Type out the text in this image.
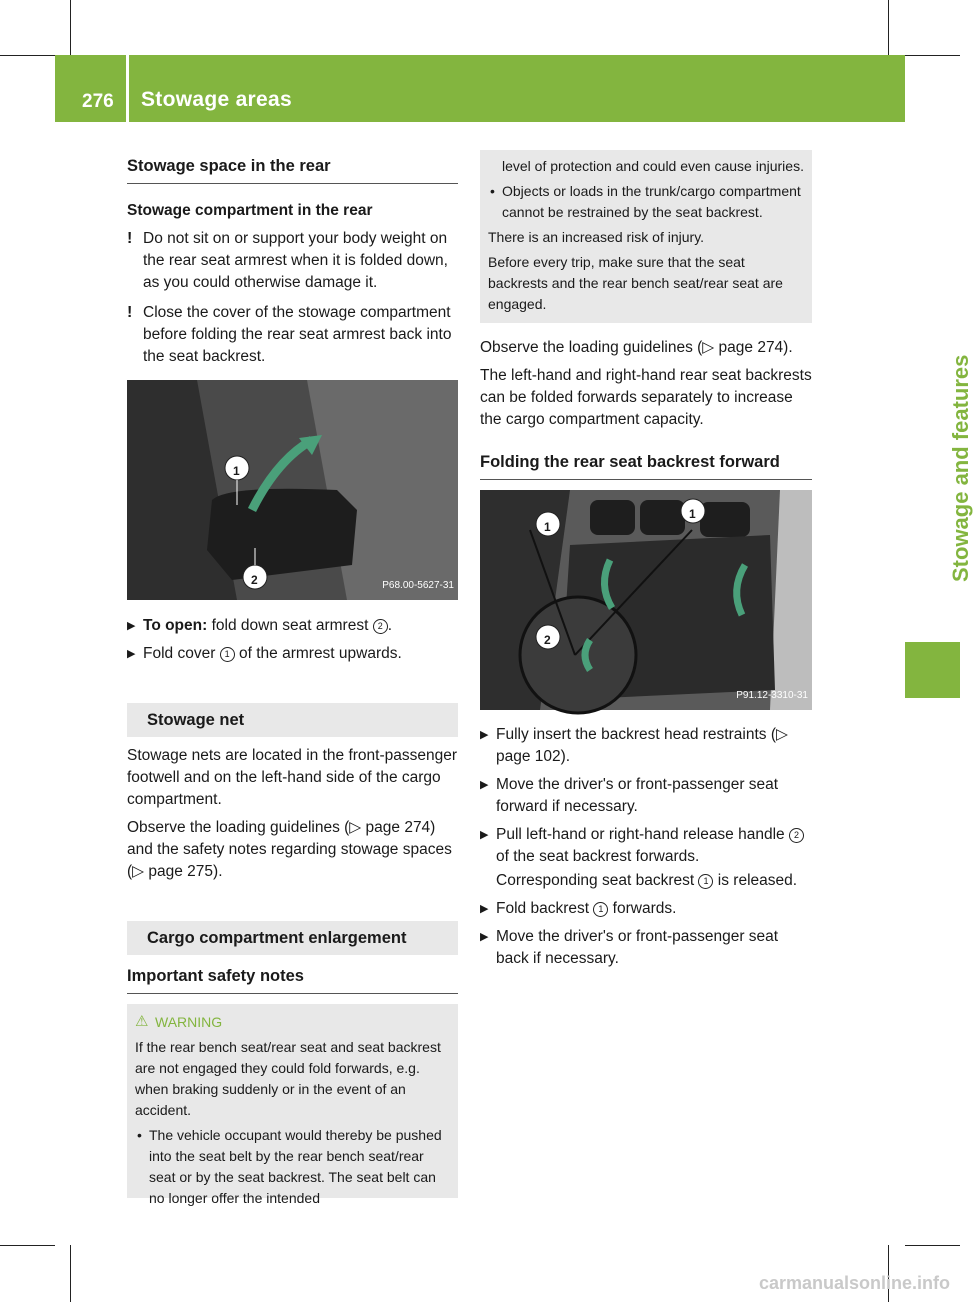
276 Stowage areas
Stowage and features
Stowage space in the rear
Stowage compartment in the rear
! Do not sit on or support your body weight on the rear seat armrest when it is folded down, as you could otherwise damage it.
! Close the cover of the stowage compartment before folding the rear seat armrest back into the seat backrest.
1
2	P68.00-5627-31
▶ To open: fold down seat armrest 2 .
▶ Fold cover 1 of the armrest upwards.
Stowage net

Stowage nets are located in the front-passenger footwell and on the left-hand side of the cargo compartment.

Observe the loading guidelines (▷ page 274) and the safety notes regarding stowage spaces (▷ page 275).

Cargo compartment enlargement
Important safety notes
⚠ WARNING

If the rear bench seat/rear seat and seat backrest are not engaged they could fold forwards, e.g. when braking suddenly or in the event of an accident.

• The vehicle occupant would thereby be pushed into the seat belt by the rear bench seat/rear seat or by the seat backrest. The seat belt can no longer offer the intended
level of protection and could even cause injuries.
• Objects or loads in the trunk/cargo compartment cannot be restrained by the seat backrest.

There is an increased risk of injury.

Before every trip, make sure that the seat backrests and the rear bench seat/rear seat are engaged.

Observe the loading guidelines (▷ page 274).

The left-hand and right-hand rear seat backrests can be folded forwards separately to increase the cargo compartment capacity.

Folding the rear seat backrest forward
1
1
2
P91.12-3310-31
▶ Fully insert the backrest head restraints (▷ page 102).
▶ Move the driver's or front-passenger seat forward if necessary.
▶ Pull left-hand or right-hand release handle 2 of the seat backrest forwards.

Corresponding seat backrest 1 is released.

▶ Fold backrest 1 forwards.
▶ Move the driver's or front-passenger seat back if necessary.
carmanualsonline.info
